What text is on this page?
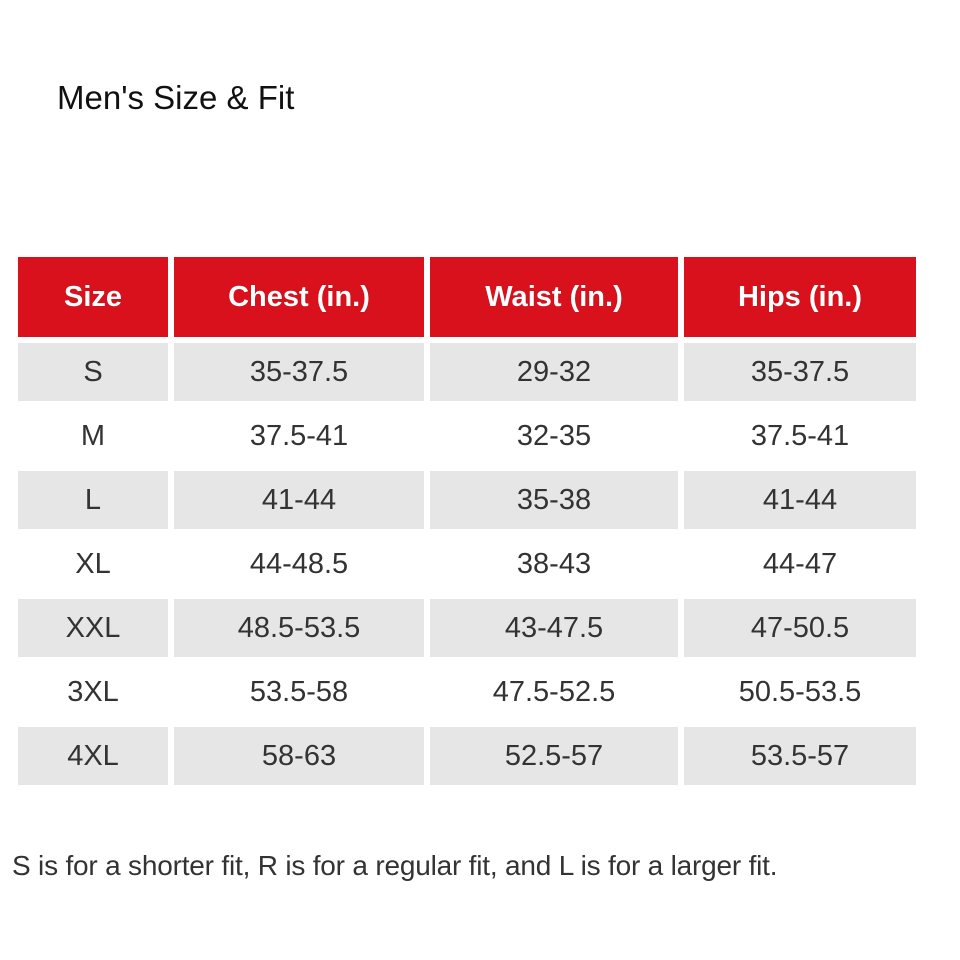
Men's Size & Fit
Size	Chest (in.)	Waist (in.)	Hips (in.)
S	35-37.5	29-32	35-37.5
M	37.5-41	32-35	37.5-41
L	41-44	35-38	41-44
XL	44-48.5	38-43	44-47
XXL	48.5-53.5	43-47.5	47-50.5
3XL	53.5-58	47.5-52.5	50.5-53.5
4XL	58-63	52.5-57	53.5-57

S is for a shorter fit, R is for a regular fit, and L is for a larger fit.
